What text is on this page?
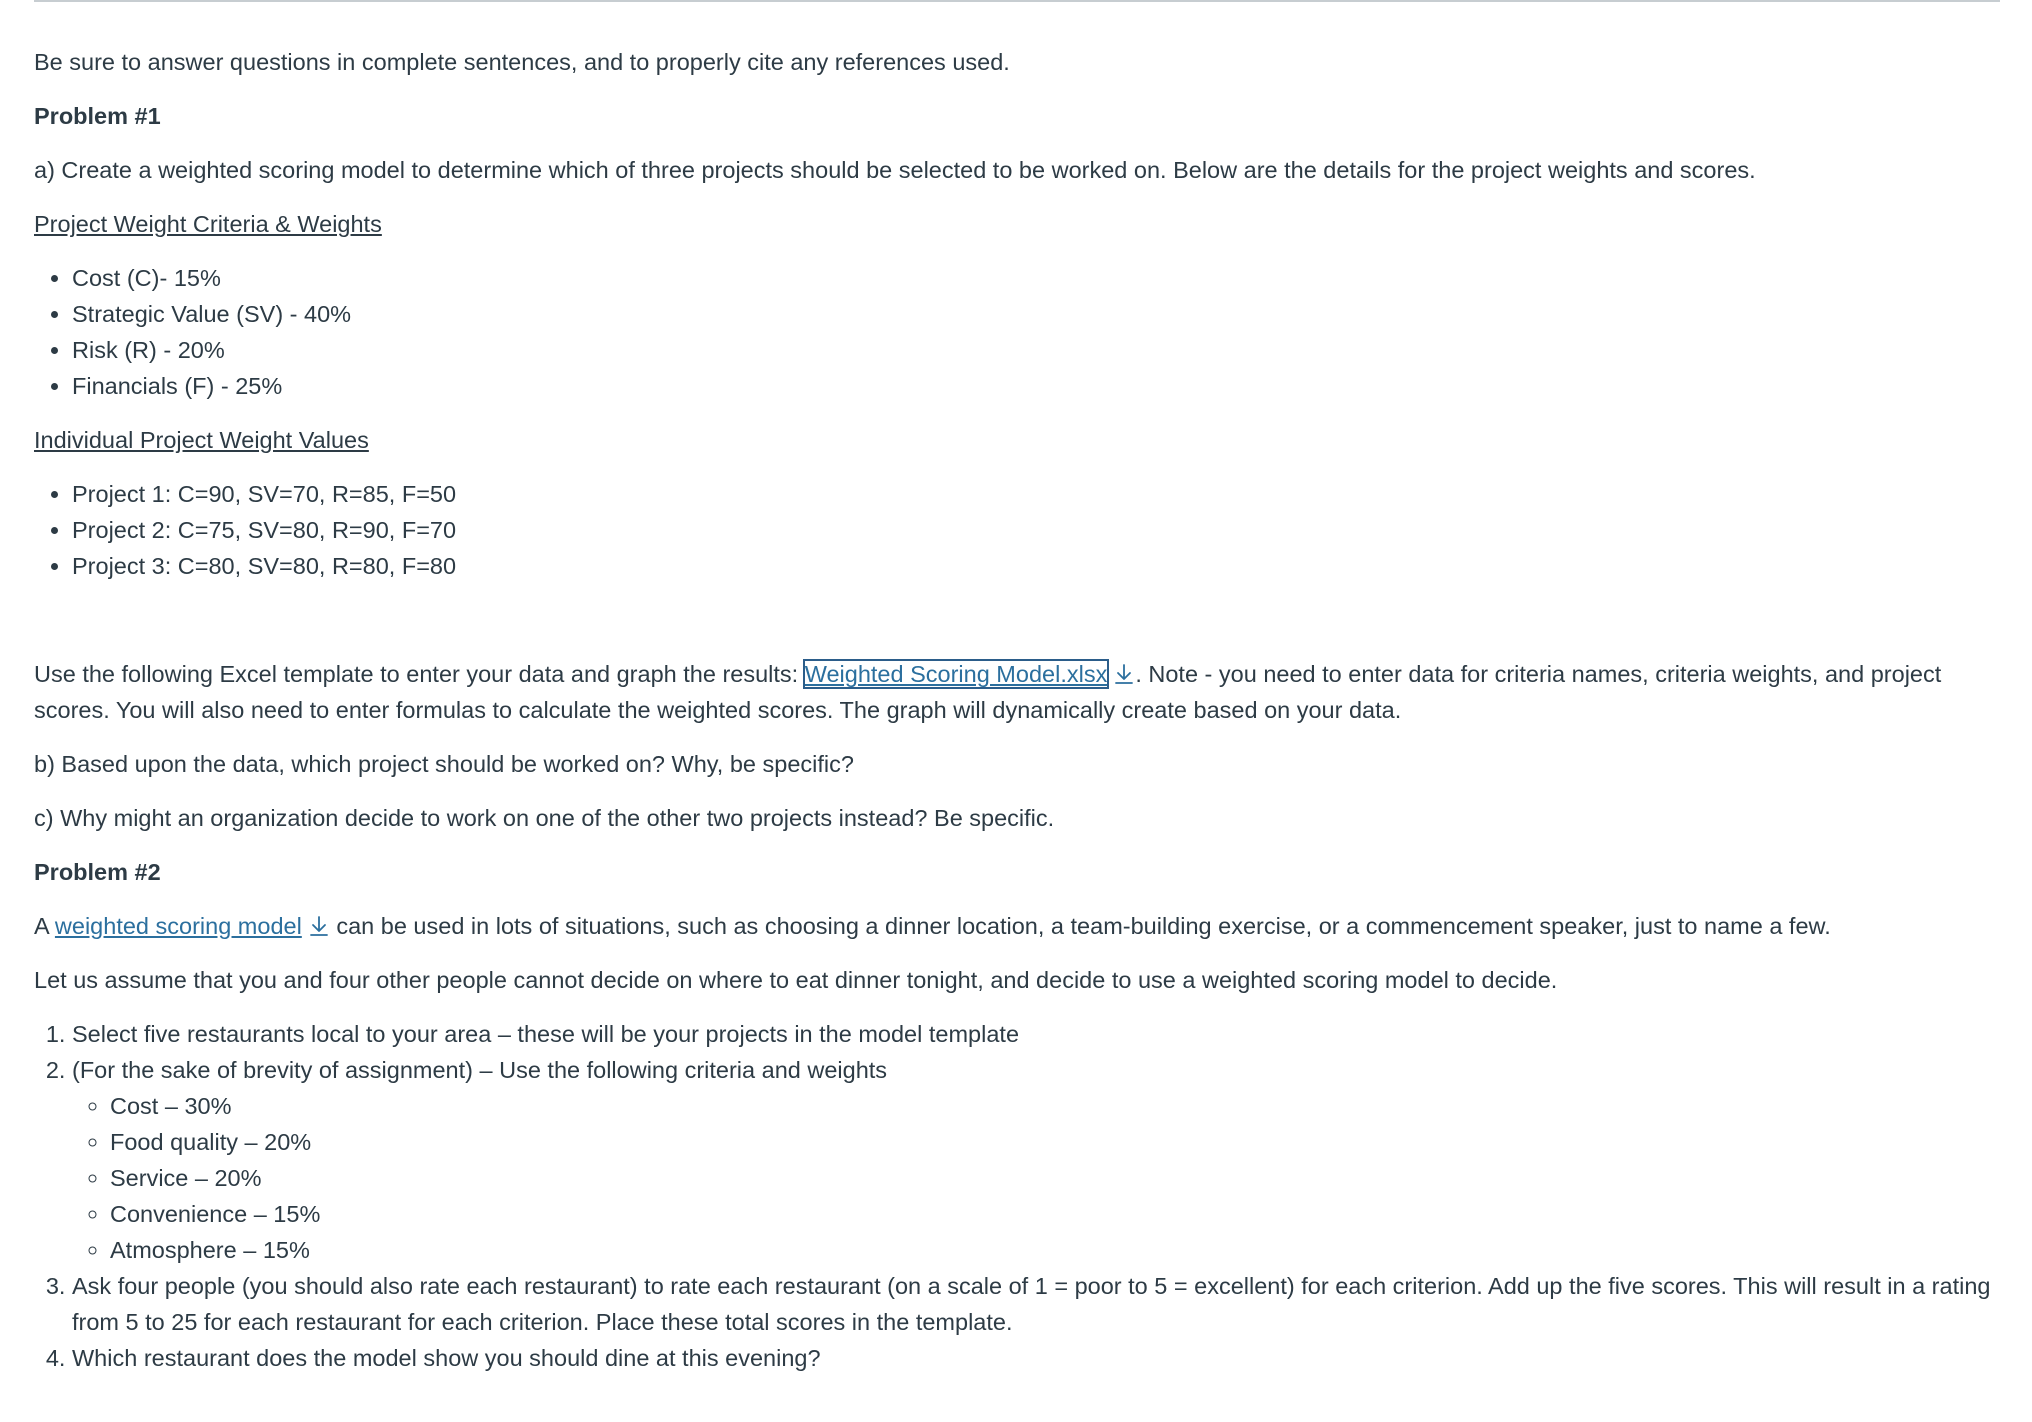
Be sure to answer questions in complete sentences, and to properly cite any references used.

Problem #1

a) Create a weighted scoring model to determine which of three projects should be selected to be worked on. Below are the details for the project weights and scores.

Project Weight Criteria & Weights

• Cost (C)- 15%
• Strategic Value (SV) - 40%
• Risk (R) - 20%
• Financials (F) - 25%

Individual Project Weight Values

• Project 1: C=90, SV=70, R=85, F=50
• Project 2: C=75, SV=80, R=90, F=70
• Project 3: C=80, SV=80, R=80, F=80

Use the following Excel template to enter your data and graph the results: Weighted Scoring Model.xlsx . Note - you need to enter data for criteria names, criteria weights, and project scores. You will also need to enter formulas to calculate the weighted scores. The graph will dynamically create based on your data.

b) Based upon the data, which project should be worked on? Why, be specific?

c) Why might an organization decide to work on one of the other two projects instead? Be specific.

Problem #2

A weighted scoring model can be used in lots of situations, such as choosing a dinner location, a team-building exercise, or a commencement speaker, just to name a few.

Let us assume that you and four other people cannot decide on where to eat dinner tonight, and decide to use a weighted scoring model to decide.

1. Select five restaurants local to your area – these will be your projects in the model template
2. (For the sake of brevity of assignment) – Use the following criteria and weights
◦ Cost – 30%
◦ Food quality – 20%
◦ Service – 20%
◦ Convenience – 15%
◦ Atmosphere – 15%
3. Ask four people (you should also rate each restaurant) to rate each restaurant (on a scale of 1 = poor to 5 = excellent) for each criterion. Add up the five scores. This will result in a rating from 5 to 25 for each restaurant for each criterion. Place these total scores in the template.
4. Which restaurant does the model show you should dine at this evening?
